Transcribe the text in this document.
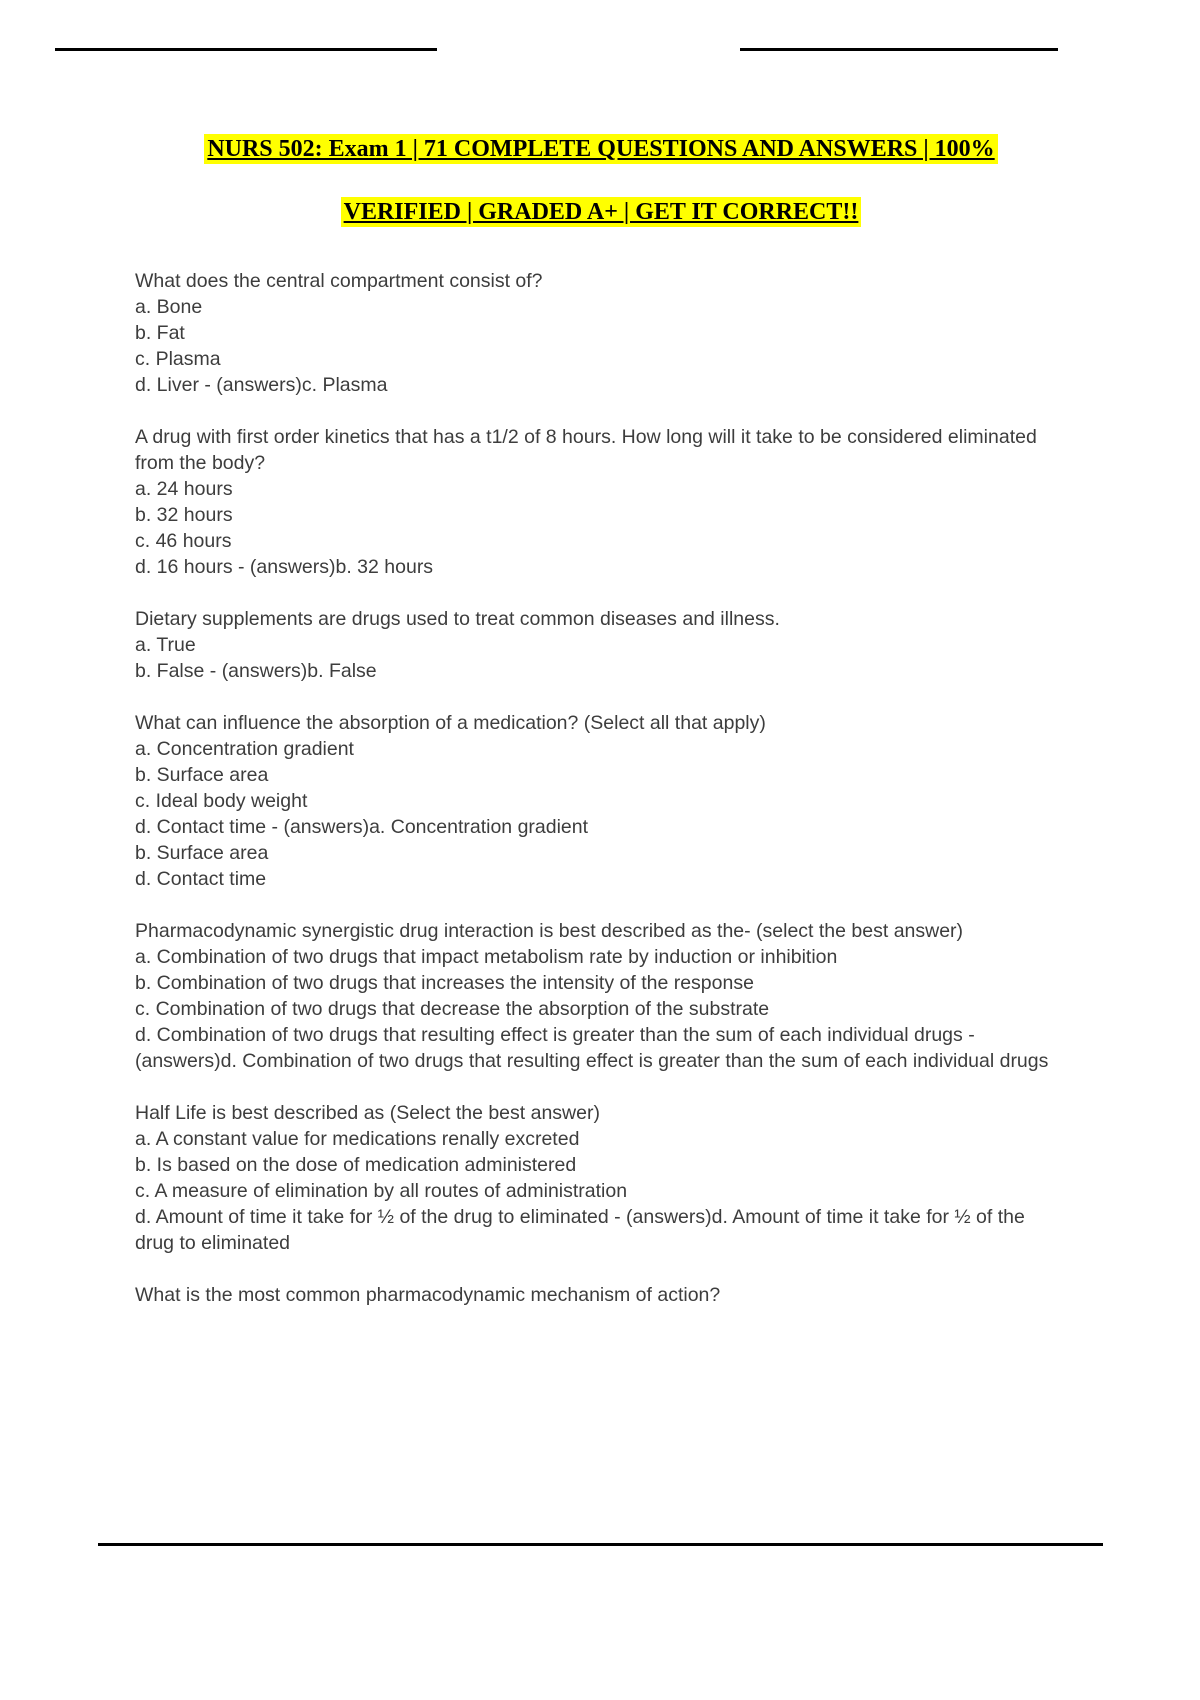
NURS 502: Exam 1 | 71 COMPLETE QUESTIONS AND ANSWERS | 100%
VERIFIED | GRADED A+ | GET IT CORRECT!!
What does the central compartment consist of?
a. Bone
b. Fat
c. Plasma
d. Liver - (answers)c. Plasma
A drug with first order kinetics that has a t1/2 of 8 hours. How long will it take to be considered eliminated from the body?
a. 24 hours
b. 32 hours
c. 46 hours
d. 16 hours - (answers)b. 32 hours
Dietary supplements are drugs used to treat common diseases and illness.
a. True
b. False - (answers)b. False
What can influence the absorption of a medication? (Select all that apply)
a. Concentration gradient
b. Surface area
c. Ideal body weight
d. Contact time - (answers)a. Concentration gradient
b. Surface area
d. Contact time
Pharmacodynamic synergistic drug interaction is best described as the- (select the best answer)
a. Combination of two drugs that impact metabolism rate by induction or inhibition
b. Combination of two drugs that increases the intensity of the response
c. Combination of two drugs that decrease the absorption of the substrate
d. Combination of two drugs that resulting effect is greater than the sum of each individual drugs - (answers)d. Combination of two drugs that resulting effect is greater than the sum of each individual drugs
Half Life is best described as (Select the best answer)
a. A constant value for medications renally excreted
b. Is based on the dose of medication administered
c. A measure of elimination by all routes of administration
d. Amount of time it take for ½ of the drug to eliminated - (answers)d. Amount of time it take for ½ of the drug to eliminated
What is the most common pharmacodynamic mechanism of action?
